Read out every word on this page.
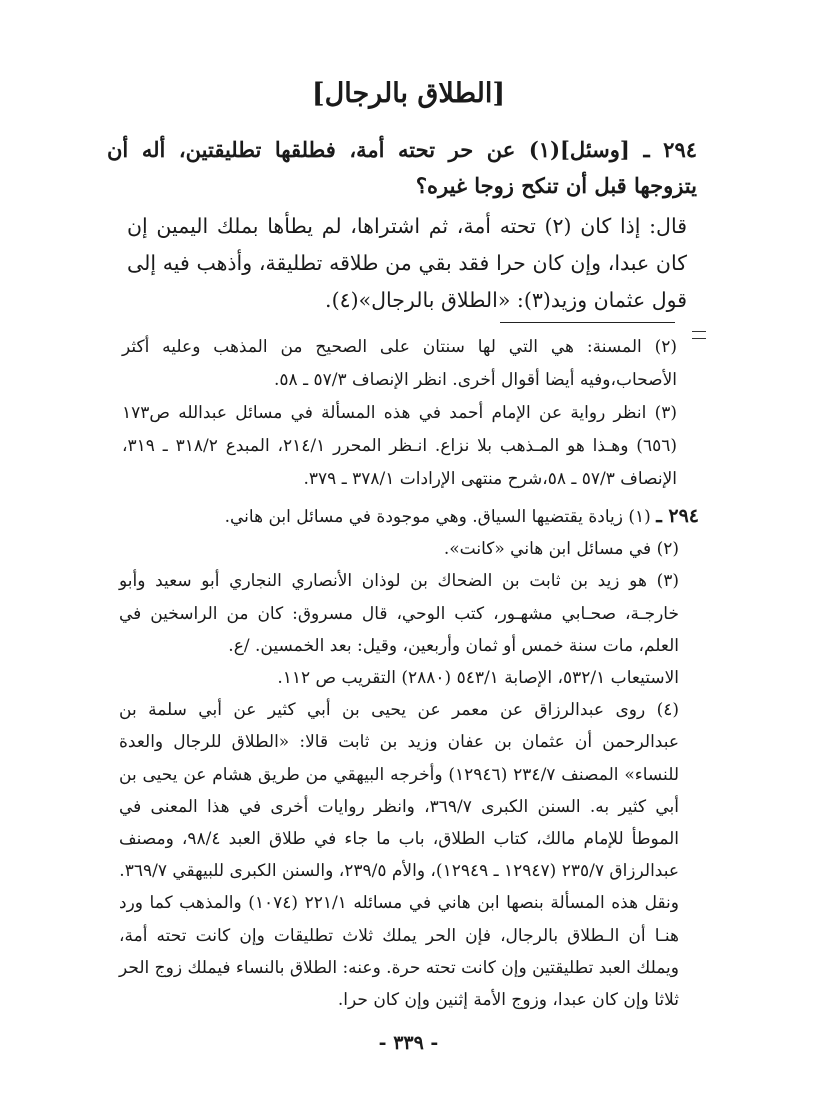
[الطلاق بالرجال]
٢٩٤ ـ [وسئل](١) عن حر تحته أمة، فطلقها تطليقتين، أله أن يتزوجها قبل أن تنكح زوجا غيره؟
قال: إذا كان (٢) تحته أمة، ثم اشتراها، لم يطأها بملك اليمين إن كان عبدا، وإن كان حرا فقد بقي من طلاقه تطليقة، وأذهب فيه إلى قول عثمان وزيد(٣): «الطلاق بالرجال»(٤).
(٢) المسنة: هي التي لها سنتان على الصحيح من المذهب وعليه أكثر الأصحاب،وفيه أيضا أقوال أخرى. انظر الإنصاف ٥٧/٣ ـ ٥٨.
(٣) انظر رواية عن الإمام أحمد في هذه المسألة في مسائل عبدالله ص١٧٣ (٦٥٦) وهـذا هو المـذهب بلا نزاع. انـظر المحرر ٢١٤/١، المبدع ٣١٨/٢ ـ ٣١٩، الإنصاف ٥٧/٣ ـ ٥٨،شرح منتهى الإرادات ٣٧٨/١ ـ ٣٧٩.
٢٩٤ ـ (١) زيادة يقتضيها السياق. وهي موجودة في مسائل ابن هاني.
(٢) في مسائل ابن هاني «كانت».
(٣) هو زيد بن ثابت بن الضحاك بن لوذان الأنصاري النجاري أبو سعيد وأبو خارجـة، صحـابي مشهـور، كتب الوحي، قال مسروق: كان من الراسخين في العلم، مات سنة خمس أو ثمان وأربعين، وقيل: بعد الخمسين. /ع.
الاستيعاب ٥٣٢/١، الإصابة ٥٤٣/١ (٢٨٨٠) التقريب ص ١١٢.
(٤) روى عبدالرزاق عن معمر عن يحيى بن أبي كثير عن أبي سلمة بن عبدالرحمن أن عثمان بن عفان وزيد بن ثابت قالا: «الطلاق للرجال والعدة للنساء» المصنف ٢٣٤/٧ (١٢٩٤٦) وأخرجه البيهقي من طريق هشام عن يحيى بن أبي كثير به. السنن الكبرى ٣٦٩/٧، وانظر روايات أخرى في هذا المعنى في الموطأ للإمام مالك، كتاب الطلاق، باب ما جاء في طلاق العبد ٩٨/٤، ومصنف عبدالرزاق ٢٣٥/٧ (١٢٩٤٧ ـ ١٢٩٤٩)، والأم ٢٣٩/٥، والسنن الكبرى للبيهقي ٣٦٩/٧.
ونقل هذه المسألة بنصها ابن هاني في مسائله ٢٢١/١ (١٠٧٤) والمذهب كما ورد هنـا أن الـطلاق بالرجال، فإن الحر يملك ثلاث تطليقات وإن كانت تحته أمة، ويملك العبد تطليقتين وإن كانت تحته حرة. وعنه: الطلاق بالنساء فيملك زوج الحر ثلاثا وإن كان عبدا، وزوج الأمة إثنين وإن كان حرا.
- ٣٣٩ -
